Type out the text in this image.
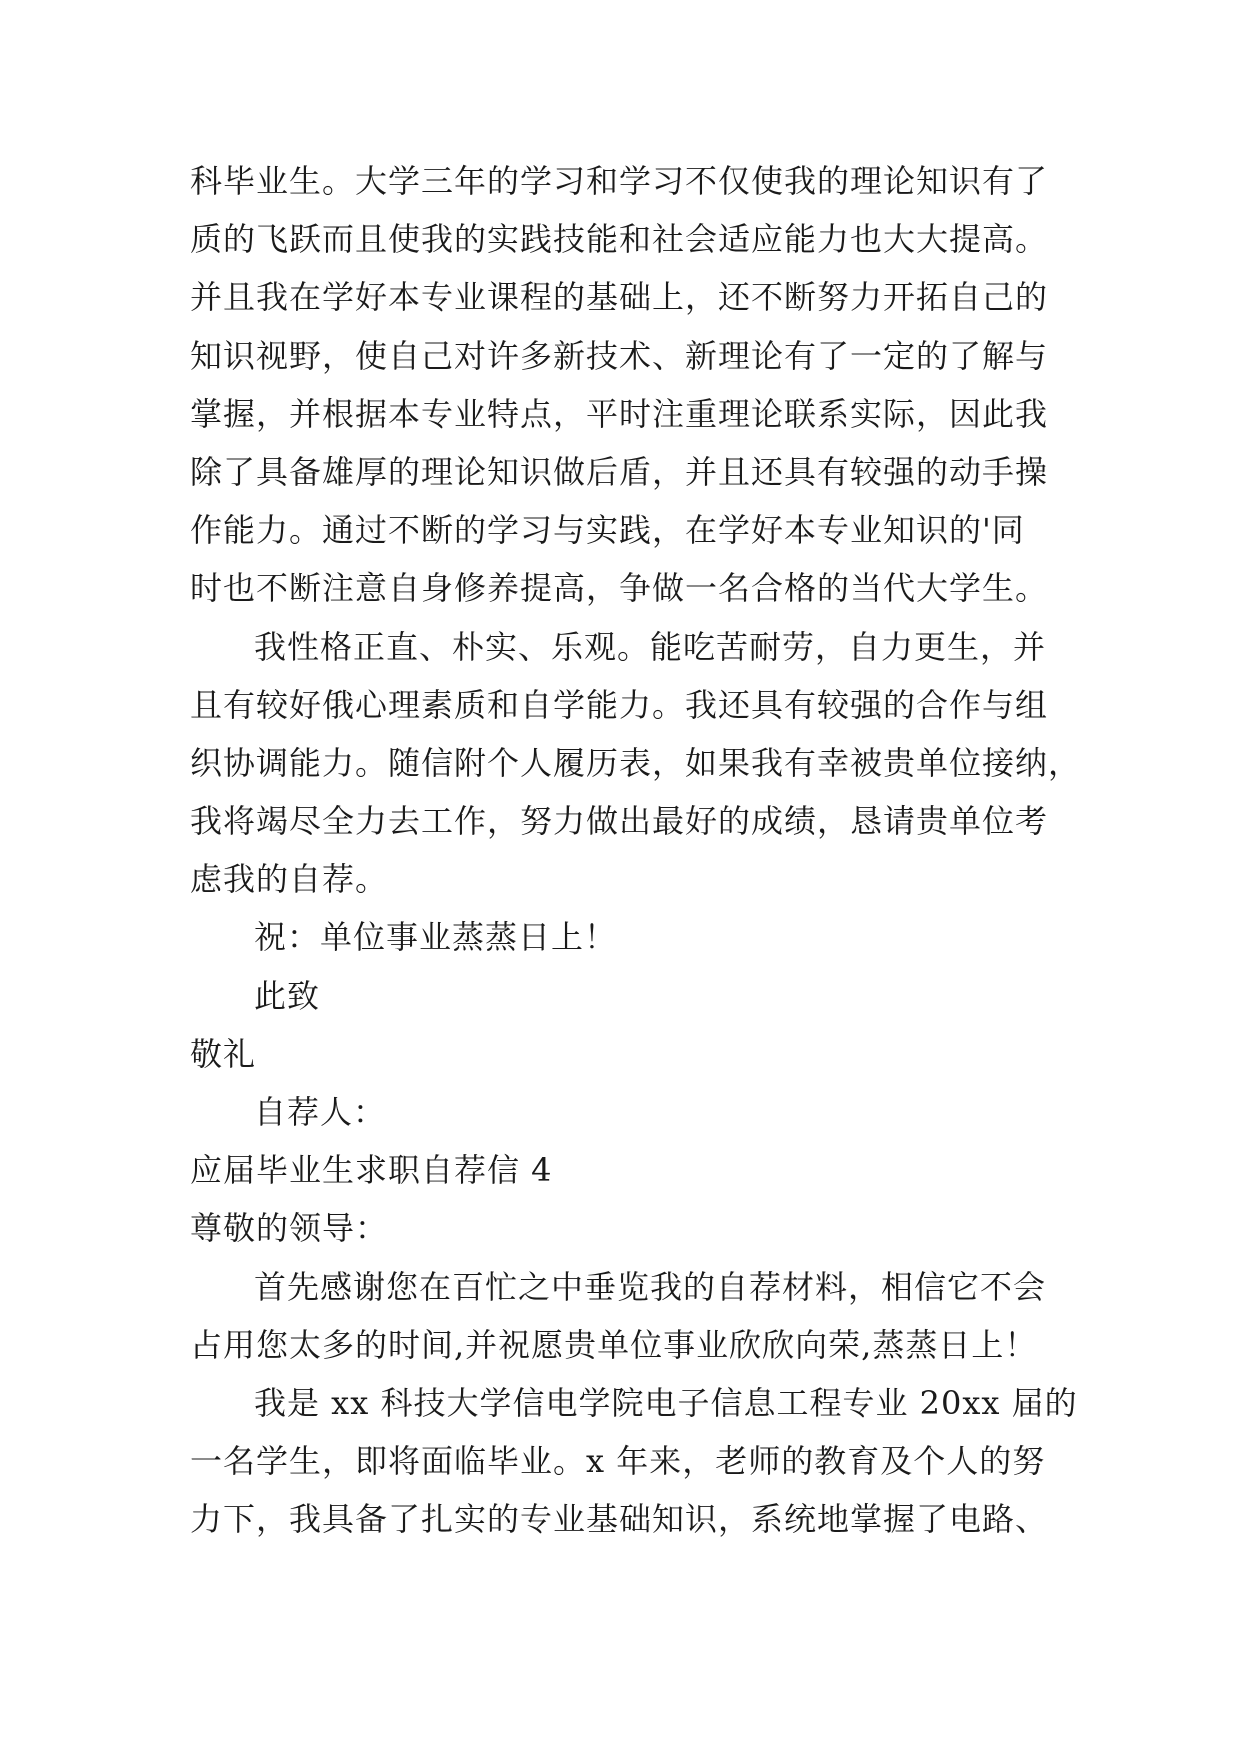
科毕业生。大学三年的学习和学习不仅使我的理论知识有了
质的飞跃而且使我的实践技能和社会适应能力也大大提高。
并且我在学好本专业课程的基础上，还不断努力开拓自己的
知识视野，使自己对许多新技术、新理论有了一定的了解与
掌握，并根据本专业特点，平时注重理论联系实际，因此我
除了具备雄厚的理论知识做后盾，并且还具有较强的动手操
作能力。通过不断的学习与实践，在学好本专业知识的'同
时也不断注意自身修养提高，争做一名合格的当代大学生。
我性格正直、朴实、乐观。能吃苦耐劳，自力更生，并
且有较好俄心理素质和自学能力。我还具有较强的合作与组
织协调能力。随信附个人履历表，如果我有幸被贵单位接纳，
我将竭尽全力去工作，努力做出最好的成绩，恳请贵单位考
虑我的自荐。
祝：单位事业蒸蒸日上！
此致
敬礼
自荐人：
应届毕业生求职自荐信 4
尊敬的领导：
首先感谢您在百忙之中垂览我的自荐材料，相信它不会
占用您太多的时间,并祝愿贵单位事业欣欣向荣,蒸蒸日上！
我是 xx 科技大学信电学院电子信息工程专业 20xx 届的
一名学生，即将面临毕业。x 年来，老师的教育及个人的努
力下，我具备了扎实的专业基础知识，系统地掌握了电路、
